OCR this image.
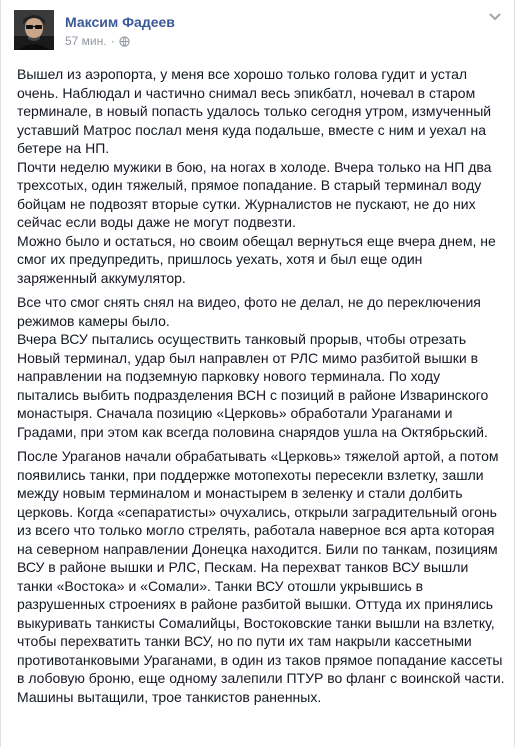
Максим Фадеев
57 мин. ·

Вышел из аэропорта, у меня все хорошо только голова гудит и устал очень. Наблюдал и частично снимал весь эпикбатл, ночевал в старом терминале, в новый попасть удалось только сегодня утром, измученный уставший Матрос послал меня куда подальше, вместе с ним и уехал на бетере на НП.
Почти неделю мужики в бою, на ногах в холоде. Вчера только на НП два трехсотых, один тяжелый, прямое попадание. В старый терминал воду бойцам не подвозят вторые сутки. Журналистов не пускают, не до них сейчас если воды даже не могут подвезти.
Можно было и остаться, но своим обещал вернуться еще вчера днем, не смог их предупредить, пришлось уехать, хотя и был еще один заряженный аккумулятор.

Все что смог снять снял на видео, фото не делал, не до переключения режимов камеры было.
Вчера ВСУ пытались осуществить танковый прорыв, чтобы отрезать Новый терминал, удар был направлен от РЛС мимо разбитой вышки в направлении на подземную парковку нового терминала. По ходу пытались выбить подразделения ВСН с позиций в районе Изваринского монастыря. Сначала позицию «Церковь» обработали Ураганами и Градами, при этом как всегда половина снарядов ушла на Октябрьский.

После Ураганов начали обрабатывать «Церковь» тяжелой артой, а потом появились танки, при поддержке мотопехоты пересекли взлетку, зашли между новым терминалом и монастырем в зеленку и стали долбить церковь. Когда «сепаратисты» очухались, открыли заградительный огонь из всего что только могло стрелять, работала наверное вся арта которая на северном направлении Донецка находится. Били по танкам, позициям ВСУ в районе вышки и РЛС, Пескам. На перехват танков ВСУ вышли танки «Востока» и «Сомали». Танки ВСУ отошли укрывшись в разрушенных строениях в районе разбитой вышки. Оттуда их принялись выкуривать танкисты Сомалийцы, Востоковские танки вышли на взлетку, чтобы перехватить танки ВСУ, но по пути их там накрыли кассетными противотанковыми Ураганами, в один из таков прямое попадание кассеты в лобовую броню, еще одному залепили ПТУР во фланг с воинской части. Машины вытащили, трое танкистов раненных.
